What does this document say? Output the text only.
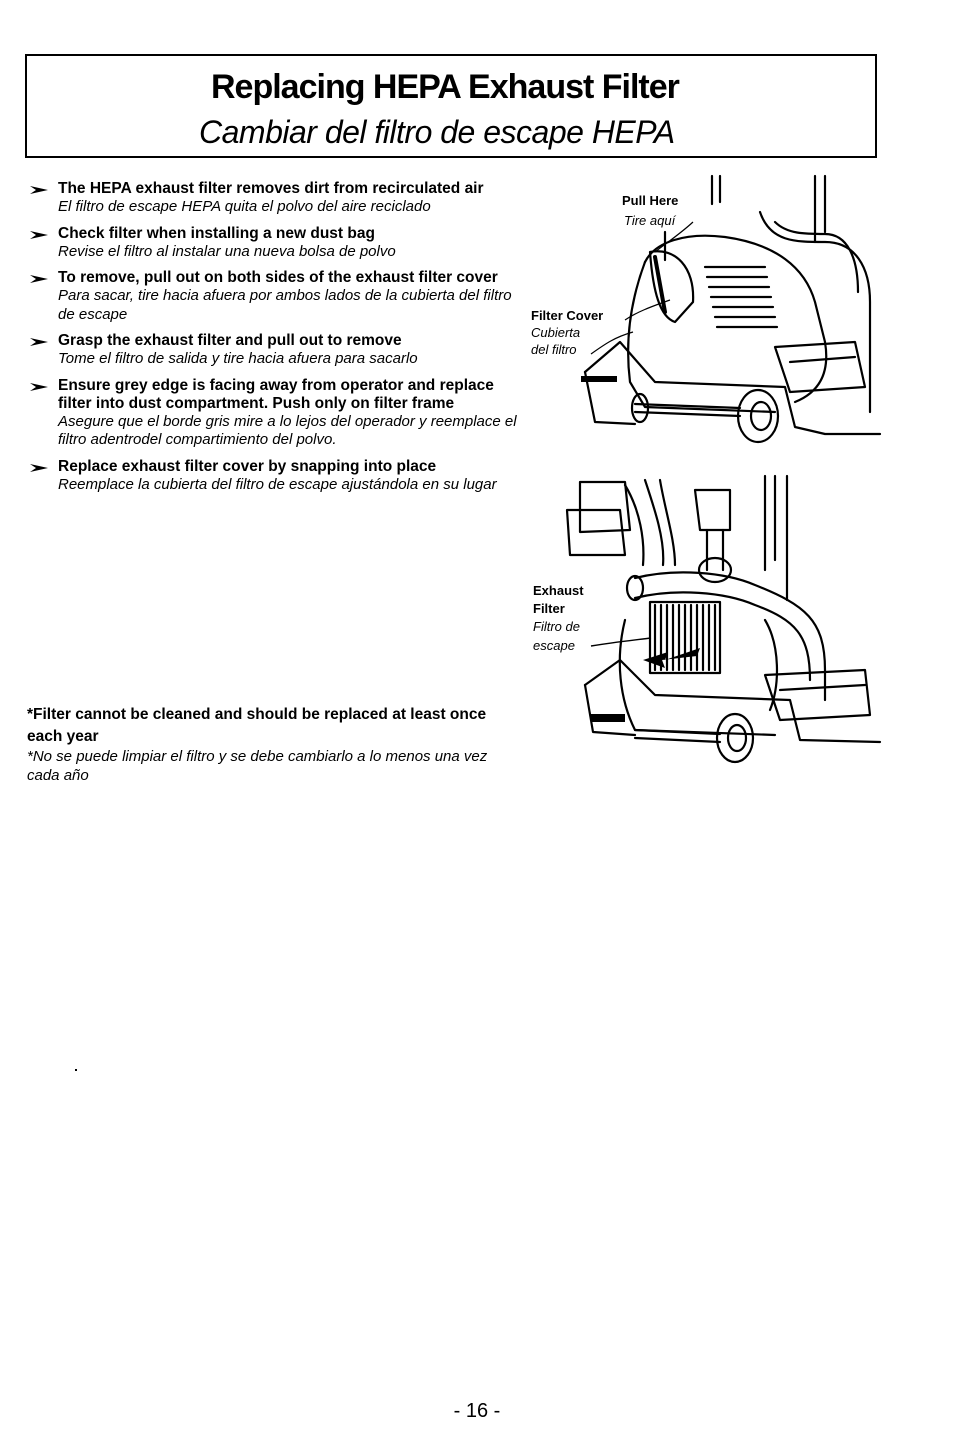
Replacing HEPA Exhaust Filter
Cambiar del filtro de escape HEPA
The HEPA exhaust filter removes dirt from recirculated air
El filtro de escape HEPA quita el polvo del aire reciclado
Check filter when installing a new dust bag
Revise el filtro al instalar una nueva bolsa de polvo
To remove, pull out on both sides of the exhaust filter cover
Para sacar, tire hacia afuera por ambos lados de la cubierta del filtro de escape
Grasp the exhaust filter and pull out to remove
Tome el filtro de salida y tire hacia afuera para sacarlo
Ensure grey edge is facing away from operator and replace filter into dust compartment. Push only on filter frame
Asegure que el borde gris mire a lo lejos del operador y reemplace el filtro adentrodel compartimiento del polvo.
Replace exhaust filter cover by snapping into place
Reemplace la cubierta del filtro de escape ajustándola en su lugar
*Filter cannot be cleaned and should be replaced at least once each year
*No se puede limpiar el filtro y se debe cambiarlo a lo menos una vez cada año
Pull Here
Tire aquí
Filter Cover
Cubierta
del filtro
Exhaust
Filter
Filtro de
escape
- 16 -
